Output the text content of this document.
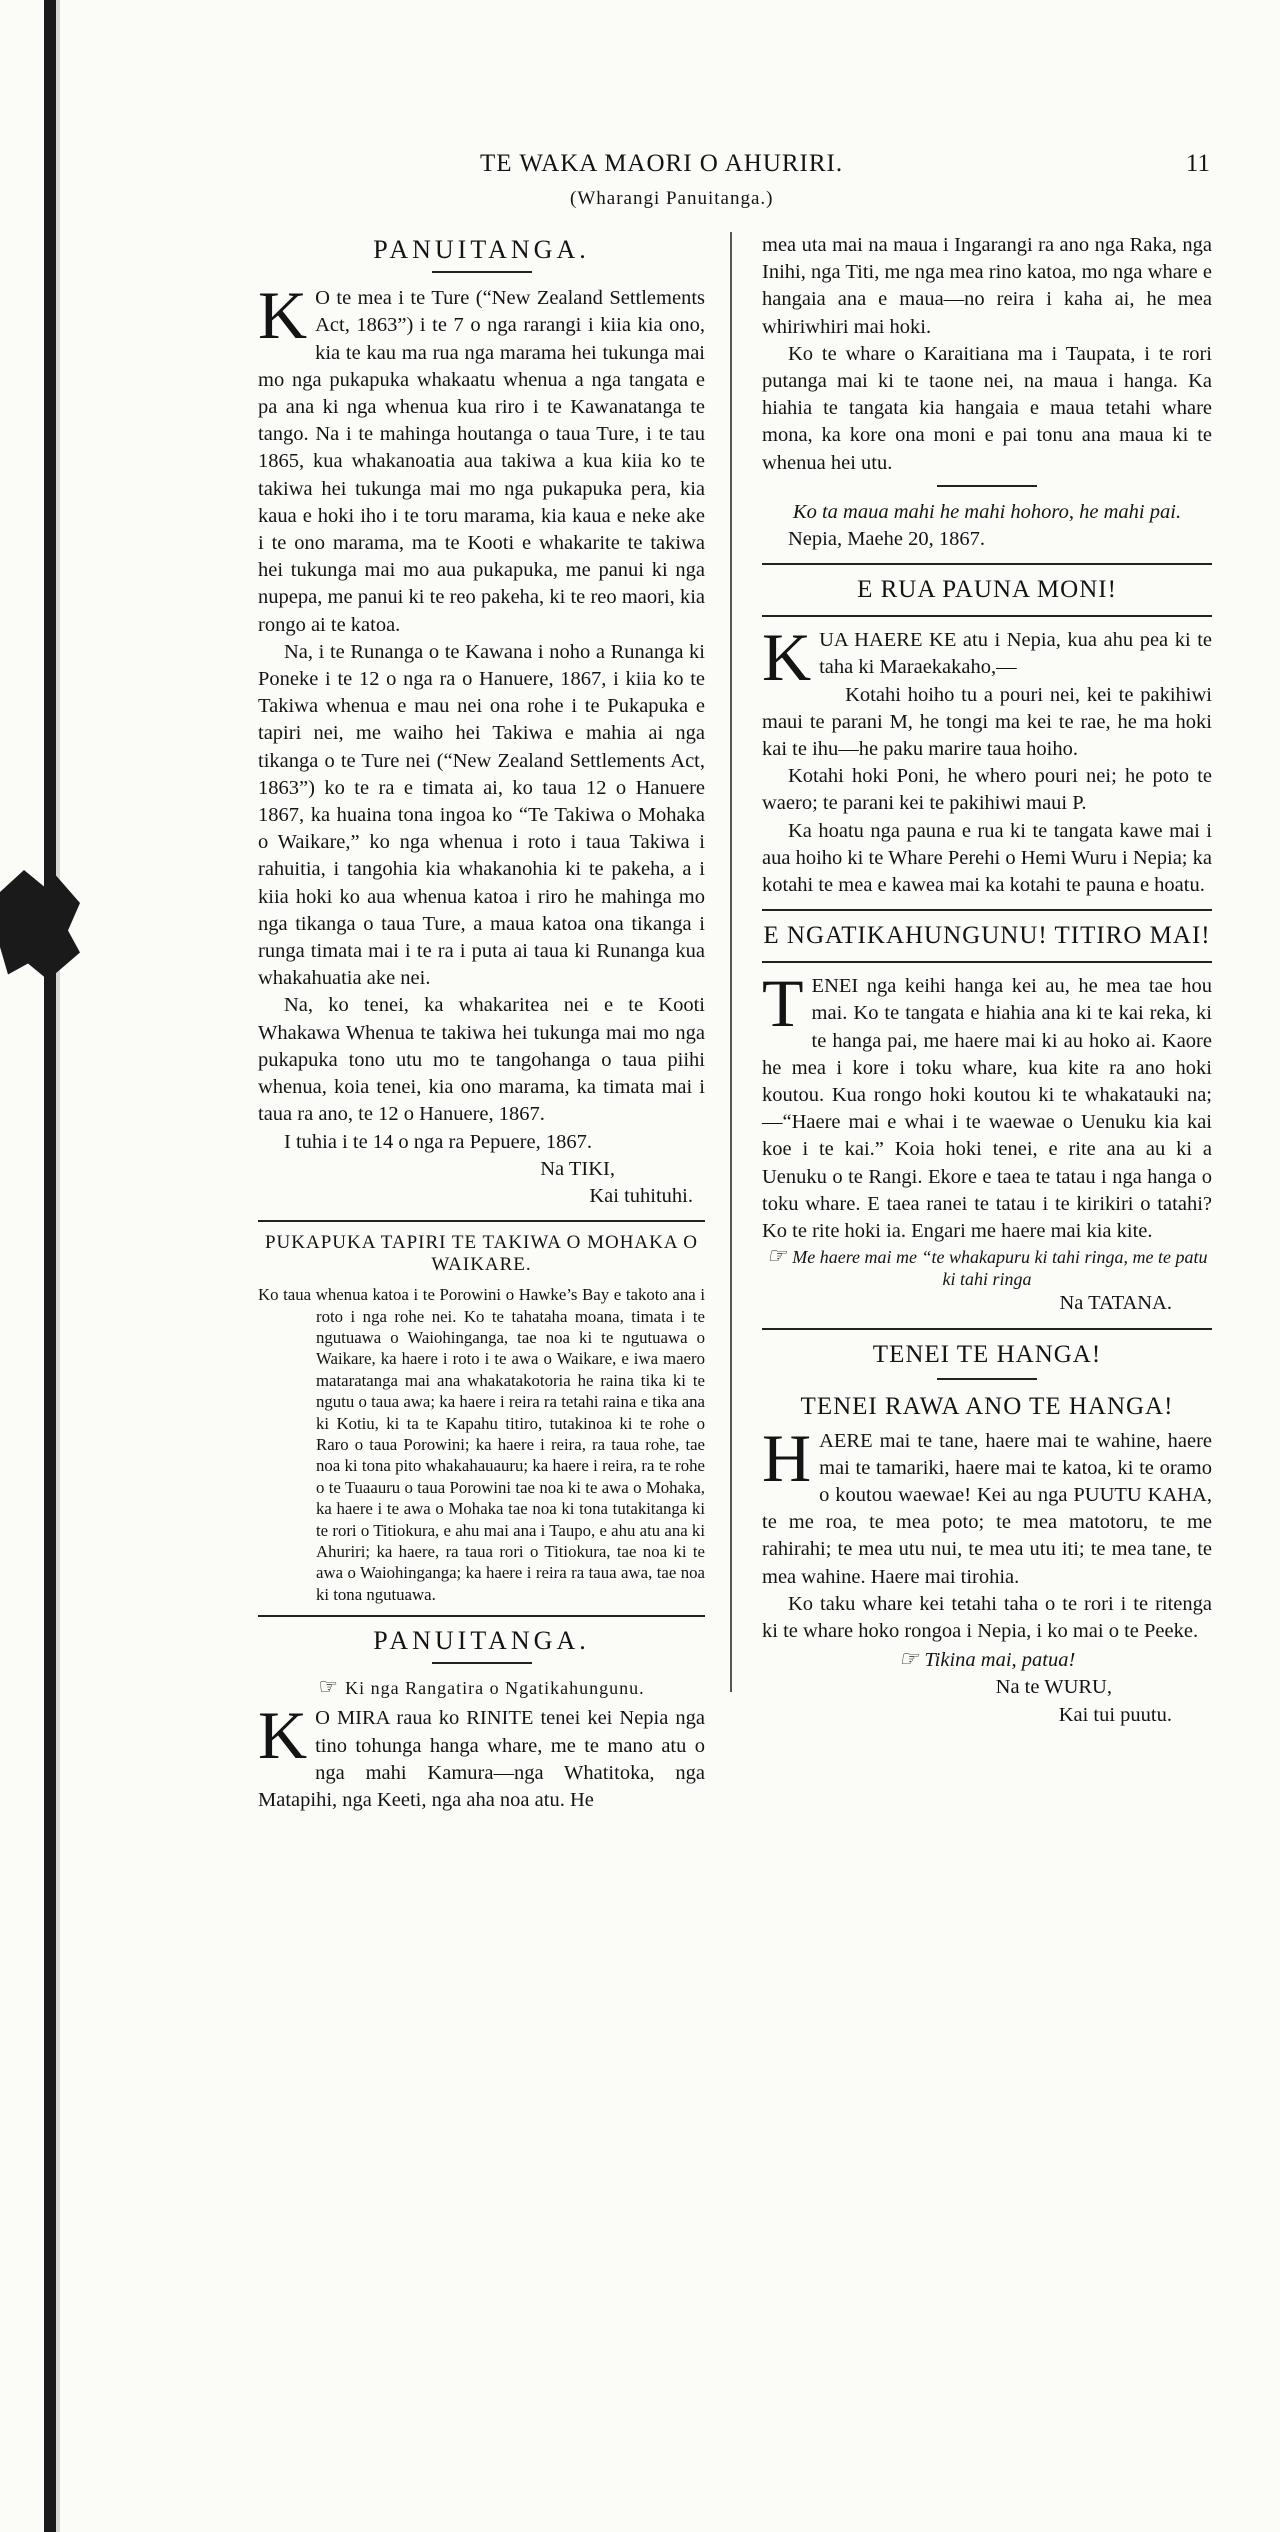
TE WAKA MAORI O AHURIRI.	11
(Wharangi Panuitanga.)
PANUITANGA.

K O te mea i te Ture (“New Zealand Settlements Act, 1863”) i te 7 o nga rarangi i kiia kia ono, kia te kau ma rua nga marama hei tukunga mai mo nga pukapuka whakaatu whenua a nga tangata e pa ana ki nga whenua kua riro i te Kawanatanga te tango. Na i te mahinga houtanga o taua Ture, i te tau 1865, kua whakanoatia aua takiwa a kua kiia ko te takiwa hei tukunga mai mo nga pukapuka pera, kia kaua e hoki iho i te toru marama, kia kaua e neke ake i te ono marama, ma te Kooti e whakarite te takiwa hei tukunga mai mo aua pukapuka, me panui ki nga nupepa, me panui ki te reo pakeha, ki te reo maori, kia rongo ai te katoa.

Na, i te Runanga o te Kawana i noho a Runanga ki Poneke i te 12 o nga ra o Hanuere, 1867, i kiia ko te Takiwa whenua e mau nei ona rohe i te Pukapuka e tapiri nei, me waiho hei Takiwa e mahia ai nga tikanga o te Ture nei (“New Zealand Settlements Act, 1863”) ko te ra e timata ai, ko taua 12 o Hanuere 1867, ka huaina tona ingoa ko “Te Takiwa o Mohaka o Waikare,” ko nga whenua i roto i taua Takiwa i rahuitia, i tangohia kia whakanohia ki te pakeha, a i kiia hoki ko aua whenua katoa i riro he mahinga mo nga tikanga o taua Ture, a maua katoa ona tikanga i runga timata mai i te ra i puta ai taua ki Runanga kua whakahuatia ake nei.

Na, ko tenei, ka whakaritea nei e te Kooti Whakawa Whenua te takiwa hei tukunga mai mo nga pukapuka tono utu mo te tangohanga o taua piihi whenua, koia tenei, kia ono marama, ka timata mai i taua ra ano, te 12 o Hanuere, 1867.

I tuhia i te 14 o nga ra Pepuere, 1867.

Na TIKI,
Kai tuhituhi.
PUKAPUKA TAPIRI TE TAKIWA O MOHAKA O WAIKARE.

Ko taua whenua katoa i te Porowini o Hawke’s Bay e takoto ana i roto i nga rohe nei. Ko te tahataha moana, timata i te ngutuawa o Waiohinganga, tae noa ki te ngutuawa o Waikare, ka haere i roto i te awa o Waikare, e iwa maero mataratanga mai ana whakatakotoria he raina tika ki te ngutu o taua awa; ka haere i reira ra tetahi raina e tika ana ki Kotiu, ki ta te Kapahu titiro, tutakinoa ki te rohe o Raro o taua Porowini; ka haere i reira, ra taua rohe, tae noa ki tona pito whakahauauru; ka haere i reira, ra te rohe o te Tuaauru o taua Porowini tae noa ki te awa o Mohaka, ka haere i te awa o Mohaka tae noa ki tona tutakitanga ki te rori o Titiokura, e ahu mai ana i Taupo, e ahu atu ana ki Ahuriri; ka haere, ra taua rori o Titiokura, tae noa ki te awa o Waiohinganga; ka haere i reira ra taua awa, tae noa ki tona ngutuawa.

PANUITANGA.
☞ Ki nga Rangatira o Ngatikahungunu.

K O MIRA raua ko RINITE tenei kei Nepia nga tino tohunga hanga whare, me te mano atu o nga mahi Kamura—nga Whatitoka, nga Matapihi, nga Keeti, nga aha noa atu. He

mea uta mai na maua i Ingarangi ra ano nga Raka, nga Inihi, nga Titi, me nga mea rino katoa, mo nga whare e hangaia ana e maua—no reira i kaha ai, he mea whiriwhiri mai hoki.

Ko te whare o Karaitiana ma i Taupata, i te rori putanga mai ki te taone nei, na maua i hanga. Ka hiahia te tangata kia hangaia e maua tetahi whare mona, ka kore ona moni e pai tonu ana maua ki te whenua hei utu.

Ko ta maua mahi he mahi hohoro, he mahi pai.

Nepia, Maehe 20, 1867.

E RUA PAUNA MONI!

KUA HAERE KE atu i Nepia, kua ahu pea ki te taha ki Maraekakaho,—

Kotahi hoiho tu a pouri nei, kei te pakihiwi maui te parani M, he tongi ma kei te rae, he ma hoki kai te ihu—he paku marire taua hoiho.

Kotahi hoki Poni, he whero pouri nei; he poto te waero; te parani kei te pakihiwi maui P.

Ka hoatu nga pauna e rua ki te tangata kawe mai i aua hoiho ki te Whare Perehi o Hemi Wuru i Nepia; ka kotahi te mea e kawea mai ka kotahi te pauna e hoatu.

E NGATIKAHUNGUNU! TITIRO MAI!

TENEI nga keihi hanga kei au, he mea tae hou mai. Ko te tangata e hiahia ana ki te kai reka, ki te hanga pai, me haere mai ki au hoko ai. Kaore he mea i kore i toku whare, kua kite ra ano hoki koutou. Kua rongo hoki koutou ki te whakatauki na;—“Haere mai e whai i te waewae o Uenuku kia kai koe i te kai.” Koia hoki tenei, e rite ana au ki a Uenuku o te Rangi. Ekore e taea te tatau i nga hanga o toku whare. E taea ranei te tatau i te kirikiri o tatahi? Ko te rite hoki ia. Engari me haere mai kia kite.

☞ Me haere mai me “te whakapuru ki tahi ringa, me te patu ki tahi ringa

Na TATANA.
TENEI TE HANGA!
TENEI RAWA ANO TE HANGA!

HAERE mai te tane, haere mai te wahine, haere mai te tamariki, haere mai te katoa, ki te oramo o koutou waewae! Kei au nga PUUTU KAHA, te me roa, te mea poto; te mea matotoru, te me rahirahi; te mea utu nui, te mea utu iti; te mea tane, te mea wahine. Haere mai tirohia.

Ko taku whare kei tetahi taha o te rori i te ritenga ki te whare hoko rongoa i Nepia, i ko mai o te Peeke.

☞ Tikina mai, patua!

Na te WURU,
Kai tui puutu.
